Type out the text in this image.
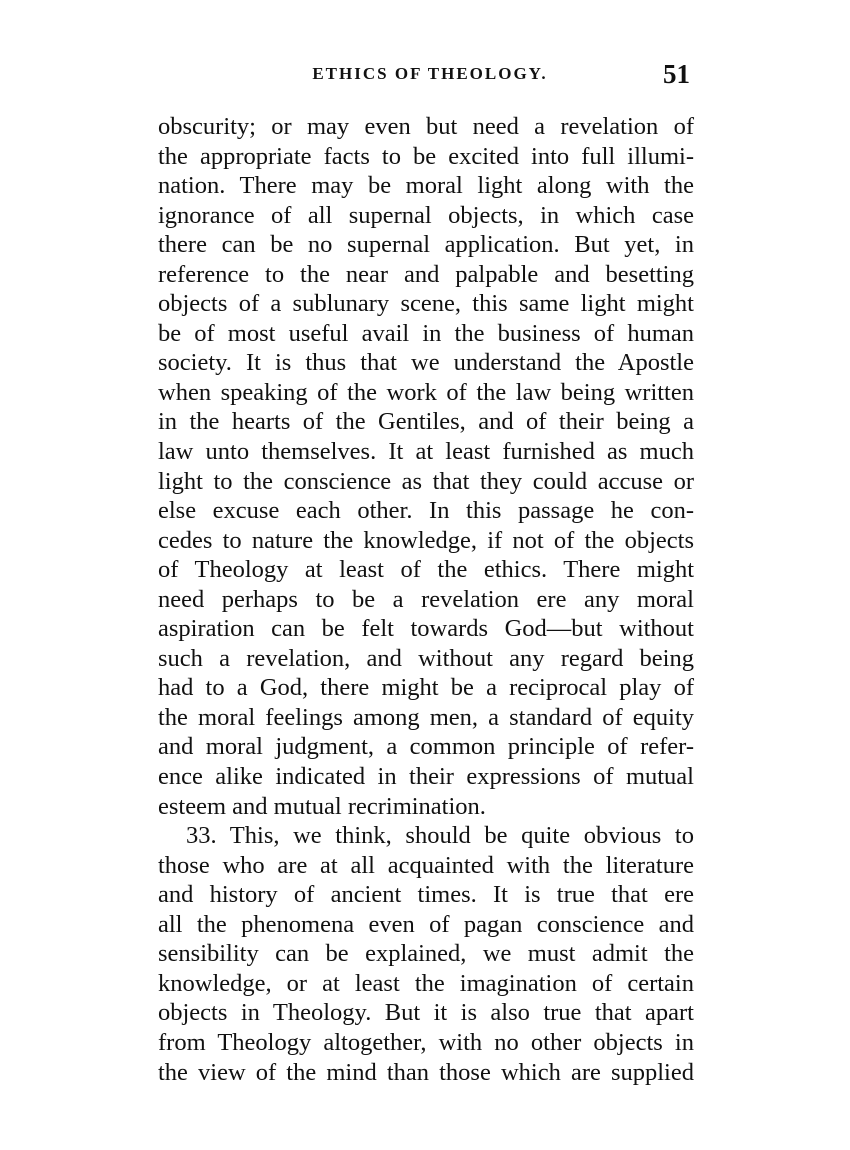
ETHICS OF THEOLOGY.	51
obscurity; or may even but need a revelation of
the appropriate facts to be excited into full illumi-
nation. There may be moral light along with the
ignorance of all supernal objects, in which case
there can be no supernal application. But yet, in
reference to the near and palpable and besetting
objects of a sublunary scene, this same light might
be of most useful avail in the business of human
society. It is thus that we understand the Apostle
when speaking of the work of the law being written
in the hearts of the Gentiles, and of their being a
law unto themselves. It at least furnished as much
light to the conscience as that they could accuse or
else excuse each other. In this passage he con-
cedes to nature the knowledge, if not of the objects
of Theology at least of the ethics. There might
need perhaps to be a revelation ere any moral
aspiration can be felt towards God—but without
such a revelation, and without any regard being
had to a God, there might be a reciprocal play of
the moral feelings among men, a standard of equity
and moral judgment, a common principle of refer-
ence alike indicated in their expressions of mutual
esteem and mutual recrimination.
33. This, we think, should be quite obvious to
those who are at all acquainted with the literature
and history of ancient times. It is true that ere
all the phenomena even of pagan conscience and
sensibility can be explained, we must admit the
knowledge, or at least the imagination of certain
objects in Theology. But it is also true that apart
from Theology altogether, with no other objects in
the view of the mind than those which are supplied
